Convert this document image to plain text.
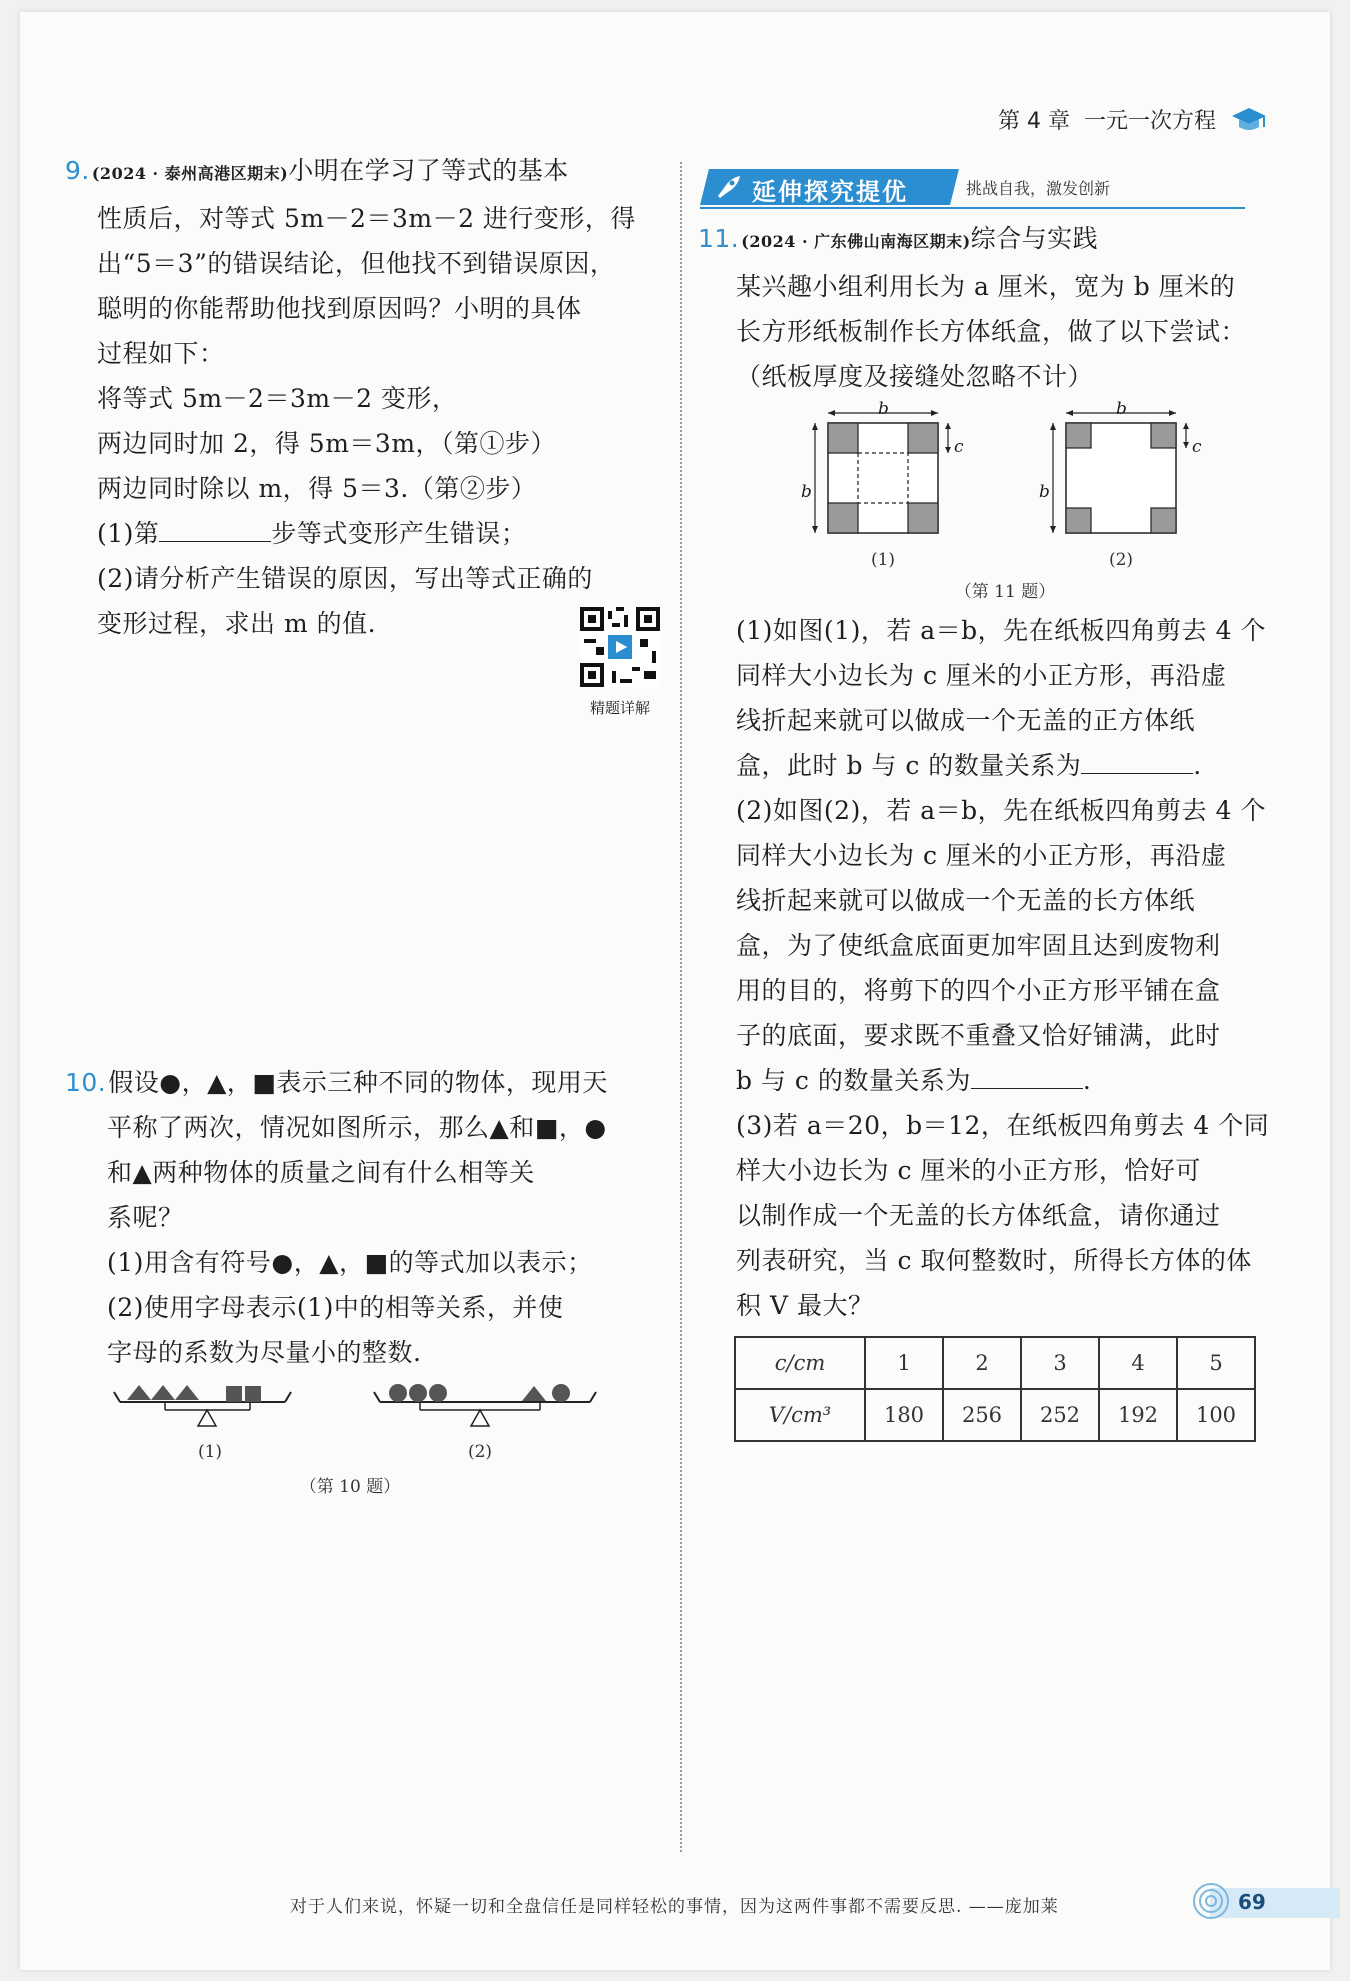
第 4 章 一元一次方程
9. (2024 · 泰州高港区期末)小明在学习了等式的基本
性质后，对等式 5m－2＝3m－2 进行变形，得
出“5＝3”的错误结论，但他找不到错误原因，
聪明的你能帮助他找到原因吗？小明的具体
过程如下：
将等式 5m－2＝3m－2 变形，
两边同时加 2，得 5m＝3m，（第①步）
两边同时除以 m，得 5＝3.（第②步）
(1)第	步等式变形产生错误；
(2)请分析产生错误的原因，写出等式正确的
变形过程，求出 m 的值.
精题详解
10.假设●，▲，■表示三种不同的物体，现用天
平称了两次，情况如图所示，那么▲和■，●
和▲两种物体的质量之间有什么相等关
系呢？
(1)用含有符号●，▲，■的等式加以表示；
(2)使用字母表示(1)中的相等关系，并使
字母的系数为尽量小的整数.
(1)	(2)
（第 10 题）
延伸探究提优	挑战自我，激发创新
11. (2024 · 广东佛山南海区期末)综合与实践
某兴趣小组利用长为 a 厘米，宽为 b 厘米的
长方形纸板制作长方体纸盒，做了以下尝试：
（纸板厚度及接缝处忽略不计）
b	b
b	b
c	c
(1)	(2)
（第 11 题）
(1)如图(1)，若 a＝b，先在纸板四角剪去 4 个
同样大小边长为 c 厘米的小正方形，再沿虚
线折起来就可以做成一个无盖的正方体纸
盒，此时 b 与 c 的数量关系为	.
(2)如图(2)，若 a＝b，先在纸板四角剪去 4 个
同样大小边长为 c 厘米的小正方形，再沿虚
线折起来就可以做成一个无盖的长方体纸
盒，为了使纸盒底面更加牢固且达到废物利
用的目的，将剪下的四个小正方形平铺在盒
子的底面，要求既不重叠又恰好铺满，此时
b 与 c 的数量关系为	.
(3)若 a＝20，b＝12，在纸板四角剪去 4 个同
样大小边长为 c 厘米的小正方形，恰好可
以制作成一个无盖的长方体纸盒，请你通过
列表研究，当 c 取何整数时，所得长方体的体
积 V 最大？
c/cm	1	2	3	4	5
V/cm³	180	256	252	192	100
对于人们来说，怀疑一切和全盘信任是同样轻松的事情，因为这两件事都不需要反思. ——庞加莱	69
